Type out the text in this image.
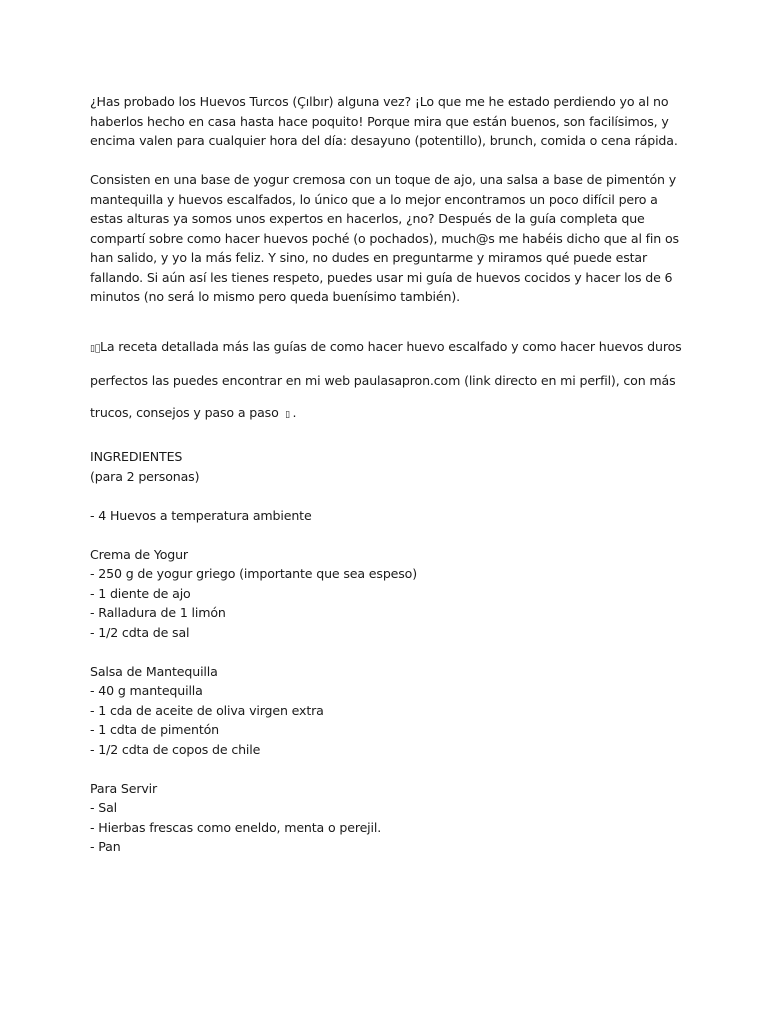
¿Has probado los Huevos Turcos (Çılbır) alguna vez? ¡Lo que me he estado perdiendo yo al no haberlos hecho en casa hasta hace poquito! Porque mira que están buenos, son facilísimos, y encima valen para cualquier hora del día: desayuno (potentillo), brunch, comida o cena rápida.

Consisten en una base de yogur cremosa con un toque de ajo, una salsa a base de pimentón y mantequilla y huevos escalfados, lo único que a lo mejor encontramos un poco difícil pero a estas alturas ya somos unos expertos en hacerlos, ¿no? Después de la guía completa que compartí sobre como hacer huevos poché (o pochados), much@s me habéis dicho que al fin os han salido, y yo la más feliz. Y sino, no dudes en preguntarme y miramos qué puede estar fallando. Si aún así les tienes respeto, puedes usar mi guía de huevos cocidos y hacer los de 6 minutos (no será lo mismo pero queda buenísimo también).

▯⃣La receta detallada más las guías de como hacer huevo escalfado y como hacer huevos duros

perfectos las puedes encontrar en mi web paulasapron.com (link directo en mi perfil), con más

trucos, consejos y paso a paso ▯ .

INGREDIENTES

(para 2 personas)

- 4 Huevos a temperatura ambiente

Crema de Yogur

- 250 g de yogur griego (importante que sea espeso)

- 1 diente de ajo

- Ralladura de 1 limón

- 1/2 cdta de sal

Salsa de Mantequilla

- 40 g mantequilla

- 1 cda de aceite de oliva virgen extra

- 1 cdta de pimentón

- 1/2 cdta de copos de chile

Para Servir

- Sal

- Hierbas frescas como eneldo, menta o perejil.

- Pan
